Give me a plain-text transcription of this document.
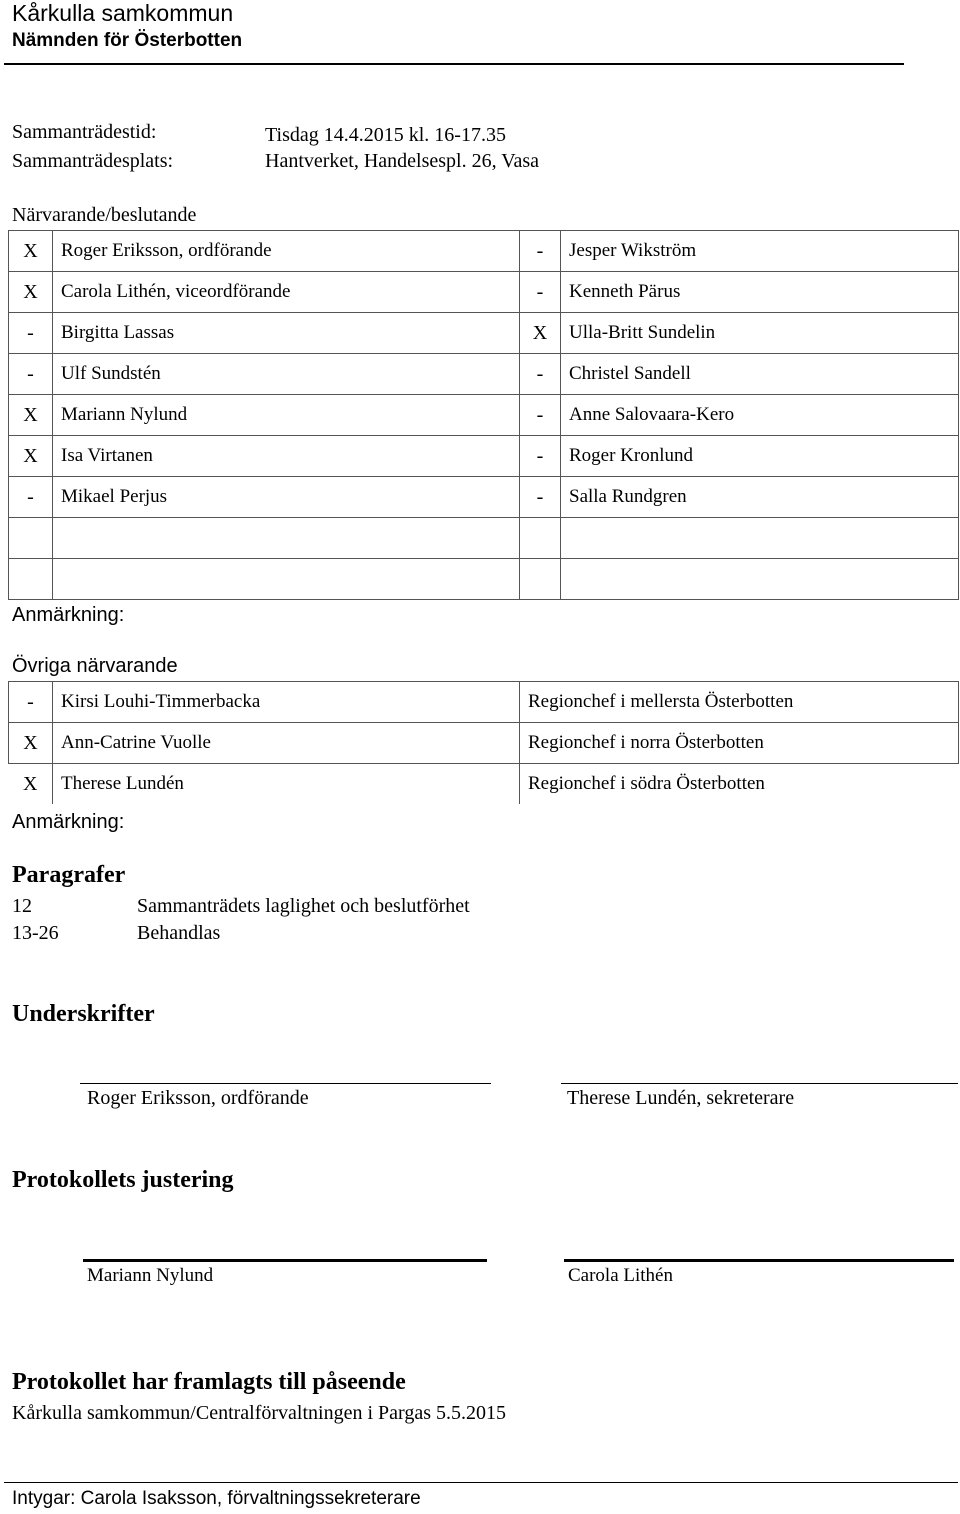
Kårkulla samkommun
Nämnden för Österbotten
Sammanträdestid:	Tisdag 14.4.2015 kl. 16-17.35
Sammanträdesplats:	Hantverket, Handelsespl. 26, Vasa
Närvarande/beslutande
X	Roger Eriksson, ordförande	-	Jesper Wikström
X	Carola Lithén, viceordförande	-	Kenneth Pärus
-	Birgitta Lassas	X	Ulla-Britt Sundelin
-	Ulf Sundstén	-	Christel Sandell
X	Mariann Nylund	-	Anne Salovaara-Kero
X	Isa Virtanen	-	Roger Kronlund
-	Mikael Perjus	-	Salla Rundgren

Anmärkning:
Övriga närvarande
-	Kirsi Louhi-Timmerbacka	Regionchef i mellersta Österbotten
X	Ann-Catrine Vuolle	Regionchef i norra Österbotten
X	Therese Lundén	Regionchef i södra Österbotten
Anmärkning:
Paragrafer
12	Sammanträdets laglighet och beslutförhet
13-26	Behandlas
Underskrifter
Roger Eriksson, ordförande	Therese Lundén, sekreterare
Protokollets justering
Mariann Nylund	Carola Lithén
Protokollet har framlagts till påseende
Kårkulla samkommun/Centralförvaltningen i Pargas 5.5.2015
Intygar: Carola Isaksson, förvaltningssekreterare
